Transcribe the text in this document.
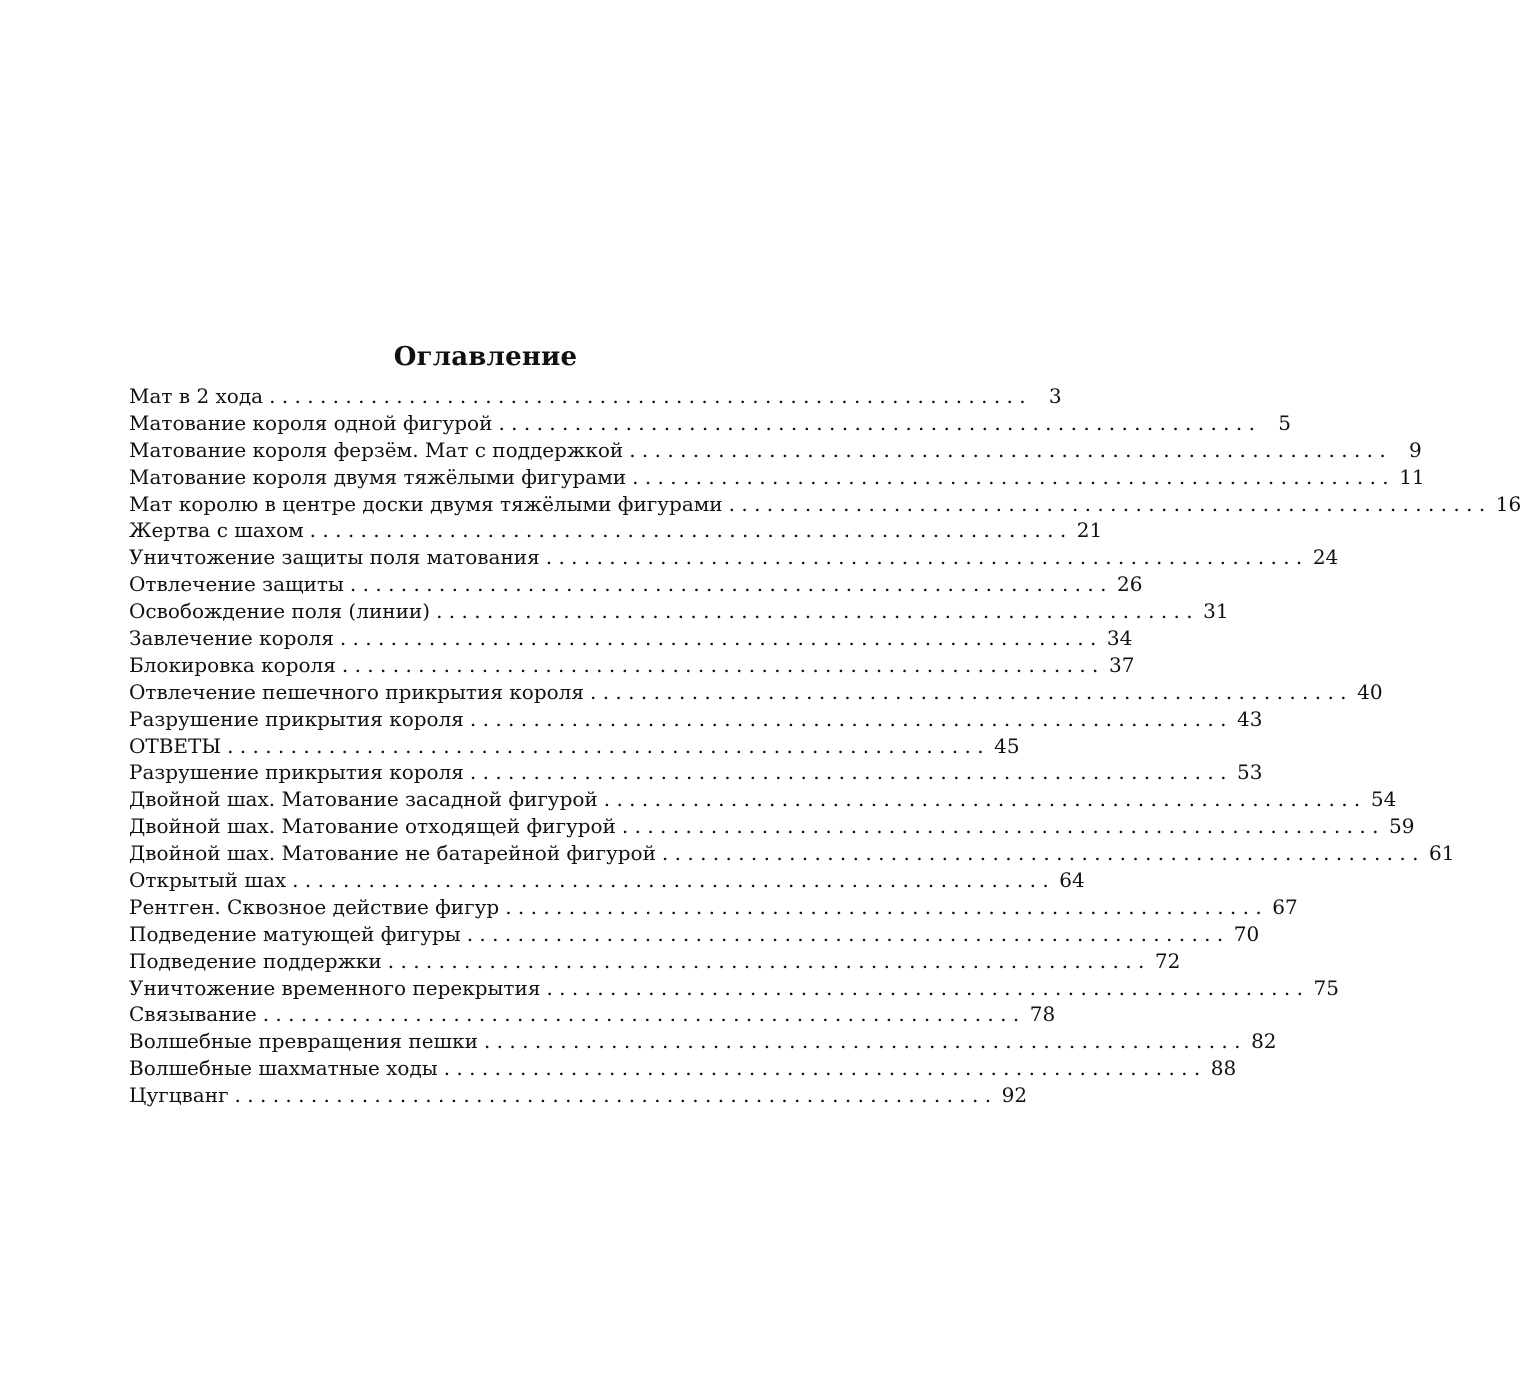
Оглавление
Мат в 2 хода . . . . . . . . . . . . . . . . . . . . . . . . . . . . . . . . . . . . . . . . . . . . . . . . . . . . . . . . . . . .	3
Матование короля одной фигурой . . . . . . . . . . . . . . . . . . . . . . . . . . . . . . . . . . . . . . . . . . . . . . . . . . . . . . . . . . . .	5
Матование короля ферзём. Мат с поддержкой . . . . . . . . . . . . . . . . . . . . . . . . . . . . . . . . . . . . . . . . . . . . . . . . . . . . . . . . . . . .	9
Матование короля двумя тяжёлыми фигурами . . . . . . . . . . . . . . . . . . . . . . . . . . . . . . . . . . . . . . . . . . . . . . . . . . . . . . . . . . . . 11
Мат королю в центре доски двумя тяжёлыми фигурами . . . . . . . . . . . . . . . . . . . . . . . . . . . . . . . . . . . . . . . . . . . . . . . . . . . . . . . . . . . . 16
Жертва с шахом . . . . . . . . . . . . . . . . . . . . . . . . . . . . . . . . . . . . . . . . . . . . . . . . . . . . . . . . . . . . 21
Уничтожение защиты поля матования . . . . . . . . . . . . . . . . . . . . . . . . . . . . . . . . . . . . . . . . . . . . . . . . . . . . . . . . . . . . 24
Отвлечение защиты . . . . . . . . . . . . . . . . . . . . . . . . . . . . . . . . . . . . . . . . . . . . . . . . . . . . . . . . . . . . 26
Освобождение поля (линии) . . . . . . . . . . . . . . . . . . . . . . . . . . . . . . . . . . . . . . . . . . . . . . . . . . . . . . . . . . . . 31
Завлечение короля . . . . . . . . . . . . . . . . . . . . . . . . . . . . . . . . . . . . . . . . . . . . . . . . . . . . . . . . . . . . 34
Блокировка короля . . . . . . . . . . . . . . . . . . . . . . . . . . . . . . . . . . . . . . . . . . . . . . . . . . . . . . . . . . . . 37
Отвлечение пешечного прикрытия короля . . . . . . . . . . . . . . . . . . . . . . . . . . . . . . . . . . . . . . . . . . . . . . . . . . . . . . . . . . . . 40
Разрушение прикрытия короля . . . . . . . . . . . . . . . . . . . . . . . . . . . . . . . . . . . . . . . . . . . . . . . . . . . . . . . . . . . . 43
ОТВЕТЫ . . . . . . . . . . . . . . . . . . . . . . . . . . . . . . . . . . . . . . . . . . . . . . . . . . . . . . . . . . . . 45
Разрушение прикрытия короля . . . . . . . . . . . . . . . . . . . . . . . . . . . . . . . . . . . . . . . . . . . . . . . . . . . . . . . . . . . . 53
Двойной шах. Матование засадной фигурой . . . . . . . . . . . . . . . . . . . . . . . . . . . . . . . . . . . . . . . . . . . . . . . . . . . . . . . . . . . . 54
Двойной шах. Матование отходящей фигурой . . . . . . . . . . . . . . . . . . . . . . . . . . . . . . . . . . . . . . . . . . . . . . . . . . . . . . . . . . . . 59
Двойной шах. Матование не батарейной фигурой . . . . . . . . . . . . . . . . . . . . . . . . . . . . . . . . . . . . . . . . . . . . . . . . . . . . . . . . . . . . 61
Открытый шах . . . . . . . . . . . . . . . . . . . . . . . . . . . . . . . . . . . . . . . . . . . . . . . . . . . . . . . . . . . . 64
Рентген. Сквозное действие фигур . . . . . . . . . . . . . . . . . . . . . . . . . . . . . . . . . . . . . . . . . . . . . . . . . . . . . . . . . . . . 67
Подведение матующей фигуры . . . . . . . . . . . . . . . . . . . . . . . . . . . . . . . . . . . . . . . . . . . . . . . . . . . . . . . . . . . . 70
Подведение поддержки . . . . . . . . . . . . . . . . . . . . . . . . . . . . . . . . . . . . . . . . . . . . . . . . . . . . . . . . . . . . 72
Уничтожение временного перекрытия . . . . . . . . . . . . . . . . . . . . . . . . . . . . . . . . . . . . . . . . . . . . . . . . . . . . . . . . . . . . 75
Связывание . . . . . . . . . . . . . . . . . . . . . . . . . . . . . . . . . . . . . . . . . . . . . . . . . . . . . . . . . . . . 78
Волшебные превращения пешки . . . . . . . . . . . . . . . . . . . . . . . . . . . . . . . . . . . . . . . . . . . . . . . . . . . . . . . . . . . . 82
Волшебные шахматные ходы . . . . . . . . . . . . . . . . . . . . . . . . . . . . . . . . . . . . . . . . . . . . . . . . . . . . . . . . . . . . 88
Цугцванг . . . . . . . . . . . . . . . . . . . . . . . . . . . . . . . . . . . . . . . . . . . . . . . . . . . . . . . . . . . . 92
